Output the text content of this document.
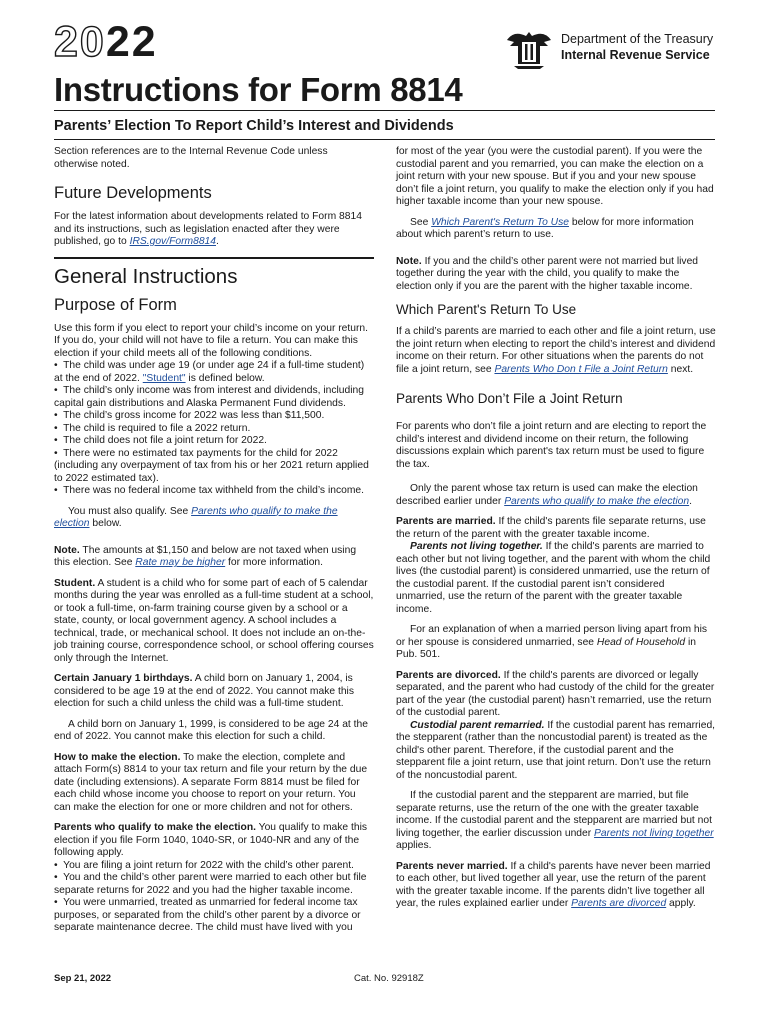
2022	Department of the Treasury
Internal Revenue Service
Instructions for Form 8814
Parents’ Election To Report Child’s Interest and Dividends

Section references are to the Internal Revenue Code unless otherwise noted.

Future Developments

For the latest information about developments related to Form 8814 and its instructions, such as legislation enacted after they were published, go to IRS.gov/Form8814.

General Instructions
Purpose of Form

Use this form if you elect to report your child’s income on your return. If you do, your child will not have to file a return. You can make this election if your child meets all of the following conditions.

•  The child was under age 19 (or under age 24 if a full-time student) at the end of 2022. "Student" is defined below.

•  The child’s only income was from interest and dividends, including capital gain distributions and Alaska Permanent Fund dividends.

•  The child’s gross income for 2022 was less than $11,500.

•  The child is required to file a 2022 return.

•  The child does not file a joint return for 2022.

•  There were no estimated tax payments for the child for 2022 (including any overpayment of tax from his or her 2021 return applied to 2022 estimated tax).

•  There was no federal income tax withheld from the child’s income.

You must also qualify. See Parents who qualify to make the election below.

Note. The amounts at $1,150 and below are not taxed when using this election. See Rate may be higher for more information.

Student. A student is a child who for some part of each of 5 calendar months during the year was enrolled as a full-time student at a school, or took a full-time, on-farm training course given by a school or a state, county, or local government agency. A school includes a technical, trade, or mechanical school. It does not include an on-the-job training course, correspondence school, or school offering courses only through the Internet.

Certain January 1 birthdays. A child born on January 1, 2004, is considered to be age 19 at the end of 2022. You cannot make this election for such a child unless the child was a full-time student.

A child born on January 1, 1999, is considered to be age 24 at the end of 2022. You cannot make this election for such a child.

How to make the election. To make the election, complete and attach Form(s) 8814 to your tax return and file your return by the due date (including extensions). A separate Form 8814 must be filed for each child whose income you choose to report on your return. You can make the election for one or more children and not for others.

Parents who qualify to make the election. You qualify to make this election if you file Form 1040, 1040-SR, or 1040-NR and any of the following apply.

•  You are filing a joint return for 2022 with the child’s other parent.

•  You and the child’s other parent were married to each other but file separate returns for 2022 and you had the higher taxable income.

•  You were unmarried, treated as unmarried for federal income tax purposes, or separated from the child’s other parent by a divorce or separate maintenance decree. The child must have lived with you

for most of the year (you were the custodial parent). If you were the custodial parent and you remarried, you can make the election on a joint return with your new spouse. But if you and your new spouse don’t file a joint return, you qualify to make the election only if you had higher taxable income than your new spouse.

See Which Parent's Return To Use below for more information about which parent’s return to use.

Note. If you and the child’s other parent were not married but lived together during the year with the child, you qualify to make the election only if you are the parent with the higher taxable income.

Which Parent's Return To Use

If a child’s parents are married to each other and file a joint return, use the joint return when electing to report the child’s interest and dividend income on their return. For other situations when the parents do not file a joint return, see Parents Who Don t File a Joint Return next.

Parents Who Don’t File a Joint Return

For parents who don’t file a joint return and are electing to report the child’s interest and dividend income on their return, the following discussions explain which parent's tax return must be used to figure the tax.

Only the parent whose tax return is used can make the election described earlier under Parents who qualify to make the election.

Parents are married. If the child's parents file separate returns, use the return of the parent with the greater taxable income.

Parents not living together. If the child's parents are married to each other but not living together, and the parent with whom the child lives (the custodial parent) is considered unmarried, use the return of the custodial parent. If the custodial parent isn’t considered unmarried, use the return of the parent with the greater taxable income.

For an explanation of when a married person living apart from his or her spouse is considered unmarried, see Head of Household in Pub. 501.

Parents are divorced. If the child's parents are divorced or legally separated, and the parent who had custody of the child for the greater part of the year (the custodial parent) hasn’t remarried, use the return of the custodial parent.

Custodial parent remarried. If the custodial parent has remarried, the stepparent (rather than the noncustodial parent) is treated as the child's other parent. Therefore, if the custodial parent and the stepparent file a joint return, use that joint return. Don’t use the return of the noncustodial parent.

If the custodial parent and the stepparent are married, but file separate returns, use the return of the one with the greater taxable income. If the custodial parent and the stepparent are married but not living together, the earlier discussion under Parents not living together applies.

Parents never married. If a child's parents have never been married to each other, but lived together all year, use the return of the parent with the greater taxable income. If the parents didn’t live together all year, the rules explained earlier under Parents are divorced apply.

Sep 21, 2022	Cat. No. 92918Z
